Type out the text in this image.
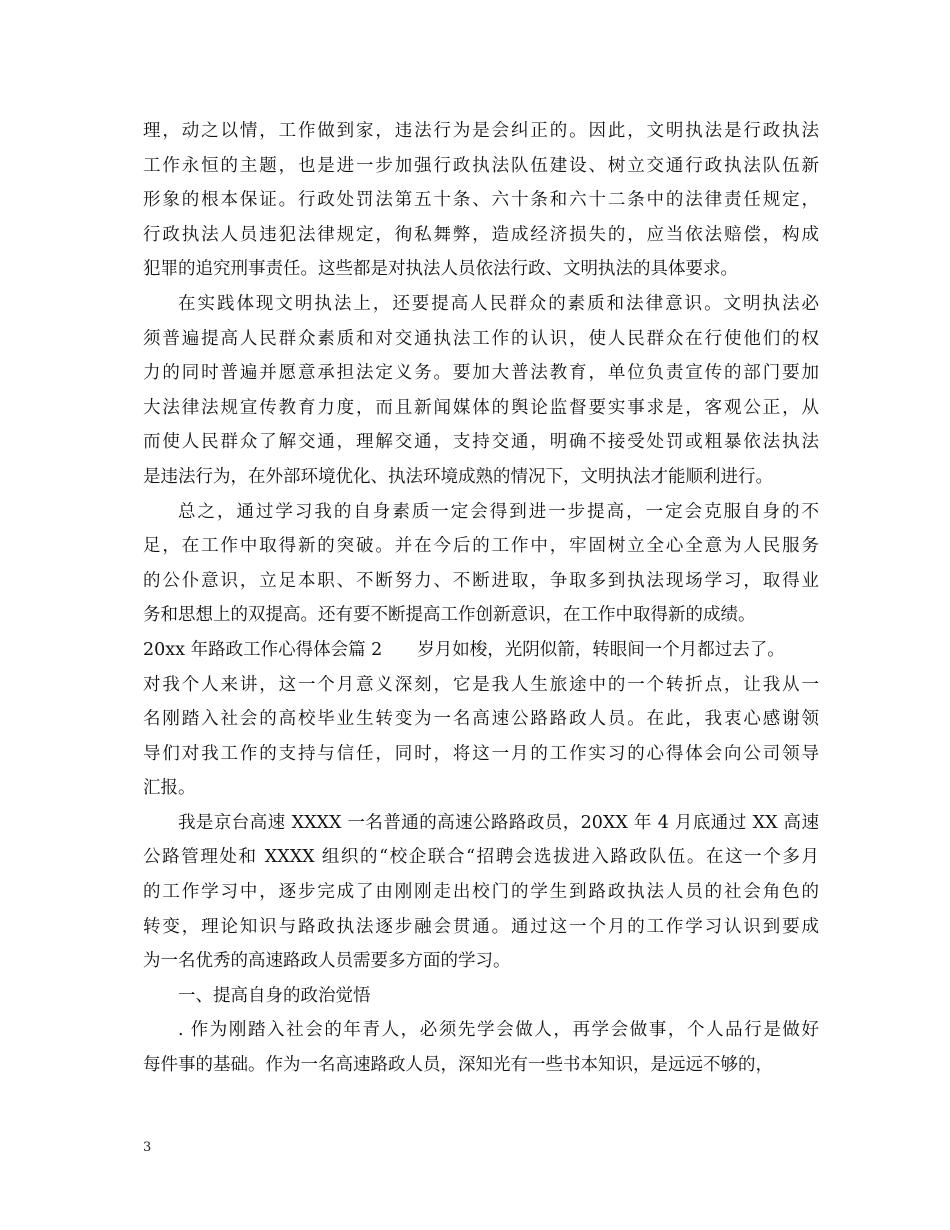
理，动之以情，工作做到家，违法行为是会纠正的。因此，文明执法是行政执法
工作永恒的主题，也是进一步加强行政执法队伍建设、树立交通行政执法队伍新
形象的根本保证。行政处罚法第五十条、六十条和六十二条中的法律责任规定，
行政执法人员违犯法律规定，徇私舞弊，造成经济损失的，应当依法赔偿，构成
犯罪的追究刑事责任。这些都是对执法人员依法行政、文明执法的具体要求。
在实践体现文明执法上，还要提高人民群众的素质和法律意识。文明执法必
须普遍提高人民群众素质和对交通执法工作的认识，使人民群众在行使他们的权
力的同时普遍并愿意承担法定义务。要加大普法教育，单位负责宣传的部门要加
大法律法规宣传教育力度，而且新闻媒体的舆论监督要实事求是，客观公正，从
而使人民群众了解交通，理解交通，支持交通，明确不接受处罚或粗暴依法执法
是违法行为，在外部环境优化、执法环境成熟的情况下，文明执法才能顺利进行。
总之，通过学习我的自身素质一定会得到进一步提高，一定会克服自身的不
足，在工作中取得新的突破。并在今后的工作中，牢固树立全心全意为人民服务
的公仆意识，立足本职、不断努力、不断进取，争取多到执法现场学习，取得业
务和思想上的双提高。还有要不断提高工作创新意识，在工作中取得新的成绩。
20xx 年路政工作心得体会篇 2　　岁月如梭，光阴似箭，转眼间一个月都过去了。
对我个人来讲，这一个月意义深刻，它是我人生旅途中的一个转折点，让我从一
名刚踏入社会的高校毕业生转变为一名高速公路路政人员。在此，我衷心感谢领
导们对我工作的支持与信任，同时，将这一月的工作实习的心得体会向公司领导
汇报。
我是京台高速 XXXX 一名普通的高速公路路政员，20XX 年 4 月底通过 XX 高速
公路管理处和 XXXX 组织的“校企联合“招聘会选拔进入路政队伍。在这一个多月
的工作学习中，逐步完成了由刚刚走出校门的学生到路政执法人员的社会角色的
转变，理论知识与路政执法逐步融会贯通。通过这一个月的工作学习认识到要成
为一名优秀的高速路政人员需要多方面的学习。
一、提高自身的政治觉悟
. 作为刚踏入社会的年青人，必须先学会做人，再学会做事，个人品行是做好
每件事的基础。作为一名高速路政人员，深知光有一些书本知识，是远远不够的，
3
